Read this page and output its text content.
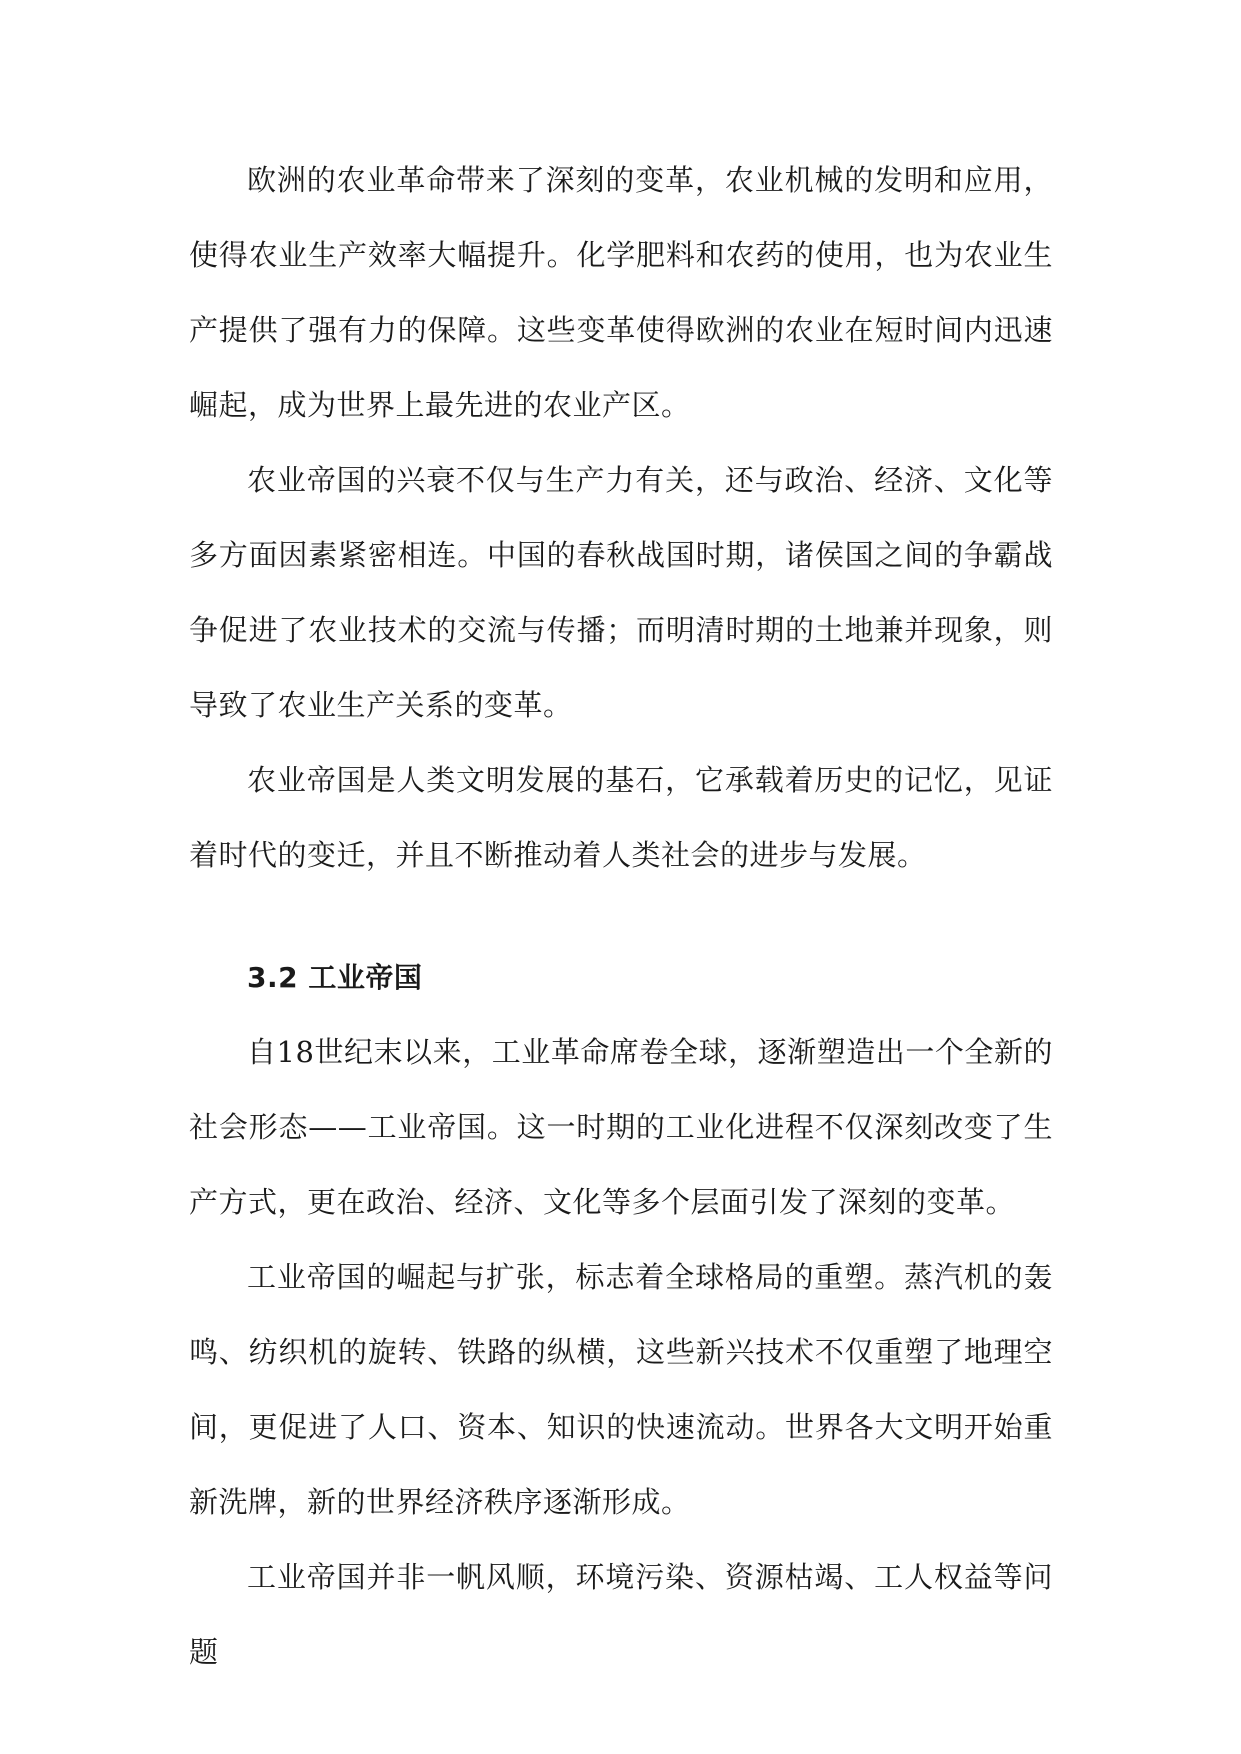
欧洲的农业革命带来了深刻的变革，农业机械的发明和应用，使得农业生产效率大幅提升。化学肥料和农药的使用，也为农业生产提供了强有力的保障。这些变革使得欧洲的农业在短时间内迅速崛起，成为世界上最先进的农业产区。

农业帝国的兴衰不仅与生产力有关，还与政治、经济、文化等多方面因素紧密相连。中国的春秋战国时期，诸侯国之间的争霸战争促进了农业技术的交流与传播；而明清时期的土地兼并现象，则导致了农业生产关系的变革。

农业帝国是人类文明发展的基石，它承载着历史的记忆，见证着时代的变迁，并且不断推动着人类社会的进步与发展。

3.2 工业帝国

自18世纪末以来，工业革命席卷全球，逐渐塑造出一个全新的社会形态——工业帝国。这一时期的工业化进程不仅深刻改变了生产方式，更在政治、经济、文化等多个层面引发了深刻的变革。

工业帝国的崛起与扩张，标志着全球格局的重塑。蒸汽机的轰鸣、纺织机的旋转、铁路的纵横，这些新兴技术不仅重塑了地理空间，更促进了人口、资本、知识的快速流动。世界各大文明开始重新洗牌，新的世界经济秩序逐渐形成。

工业帝国并非一帆风顺，环境污染、资源枯竭、工人权益等问题
